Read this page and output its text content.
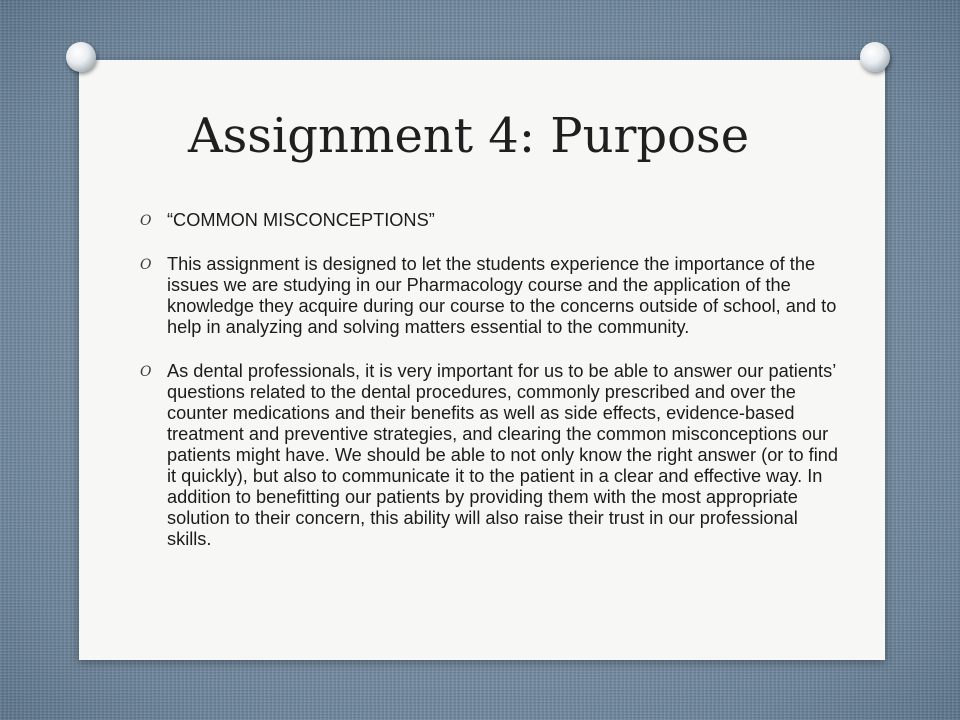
Assignment 4: Purpose
O “COMMON MISCONCEPTIONS”
O This assignment is designed to let the students experience the importance of the issues we are studying in our Pharmacology course and the application of the knowledge they acquire during our course to the concerns outside of school, and to help in analyzing and solving matters essential to the community.
O As dental professionals, it is very important for us to be able to answer our patients’ questions related to the dental procedures, commonly prescribed and over the counter medications and their benefits as well as side effects, evidence-based treatment and preventive strategies, and clearing the common misconceptions our patients might have. We should be able to not only know the right answer (or to find it quickly), but also to communicate it to the patient in a clear and effective way. In addition to benefitting our patients by providing them with the most appropriate solution to their concern, this ability will also raise their trust in our professional skills.
